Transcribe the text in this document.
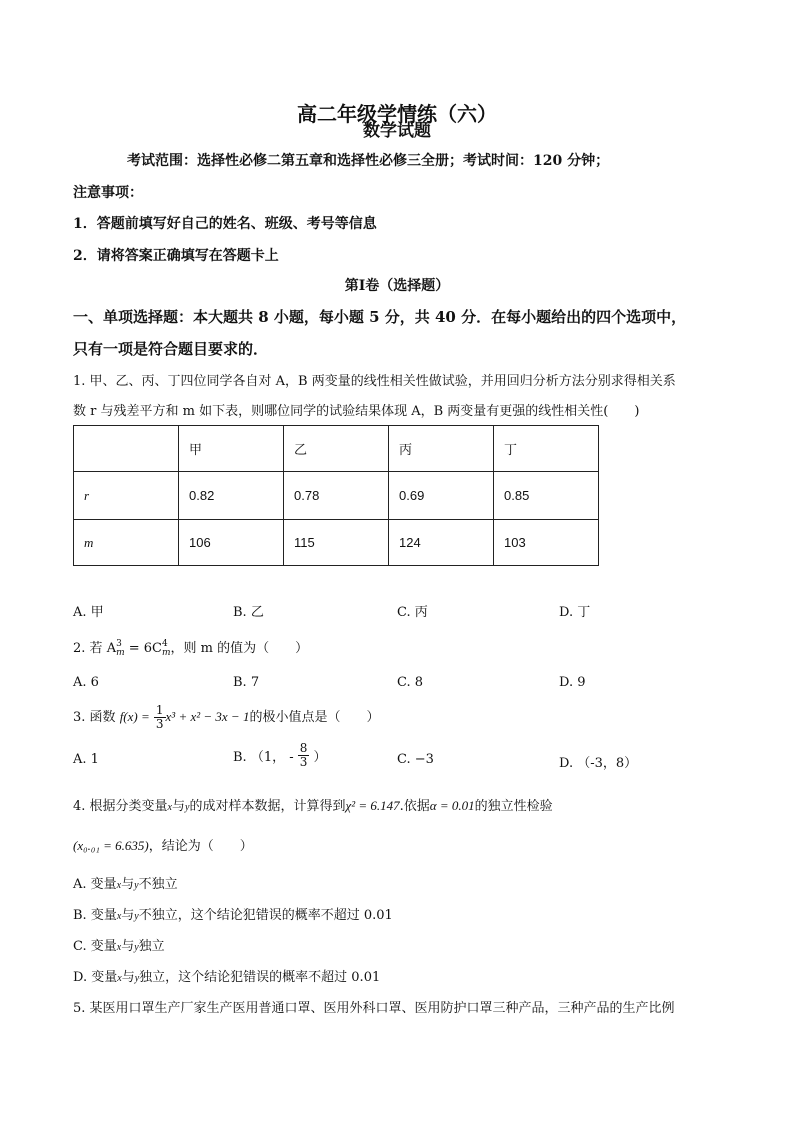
高二年级学情练（六）
数学试题
考试范围：选择性必修二第五章和选择性必修三全册；考试时间：120 分钟；
注意事项：
1．答题前填写好自己的姓名、班级、考号等信息
2．请将答案正确填写在答题卡上
第Ⅰ卷（选择题）
一、单项选择题：本大题共 8 小题，每小题 5 分，共 40 分．在每小题给出的四个选项中，
只有一项是符合题目要求的．
1. 甲、乙、丙、丁四位同学各自对 A，B 两变量的线性相关性做试验，并用回归分析方法分别求得相关系
数 r 与残差平方和 m 如下表，则哪位同学的试验结果体现 A，B 两变量有更强的线性相关性(　　)
	甲	乙	丙	丁
r	0.82	0.78	0.69	0.85
m	106	115	124	103
A. 甲	B. 乙	C. 丙	D. 丁
2. 若 A 3
m = 6C 4
m ，则 m 的值为（　　）
A. 6	B. 7	C. 8	D. 9
3. 函数 $f(x) = \frac{1}{3} x^3 + x^2 - 3x - 1$的极小值点是（　　）
A. 1	B. （1， - $\frac{8}{3}$ ）	C. −3	D. （-3，8）
4. 根据分类变量x与y的成对样本数据，计算得到χ² = 6.147.依据α = 0.01的独立性检验
(x₀.₀₁ = 6.635)，结论为（　　）
A. 变量x与y不独立
B. 变量x与y不独立，这个结论犯错误的概率不超过 0.01
C. 变量x与y独立
D. 变量x与y独立，这个结论犯错误的概率不超过 0.01
5. 某医用口罩生产厂家生产医用普通口罩、医用外科口罩、医用防护口罩三种产品，三种产品的生产比例
